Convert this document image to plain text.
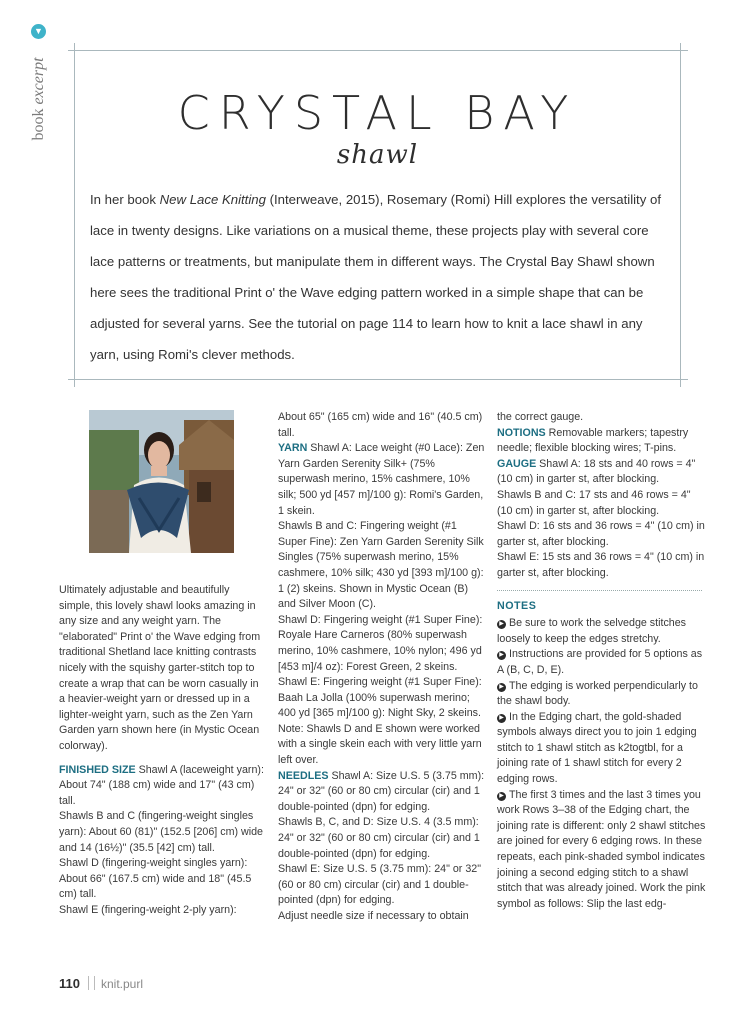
▼
book excerpt
CRYSTAL BAY
shawl

In her book New Lace Knitting (Interweave, 2015), Rosemary (Romi) Hill explores the versatility of lace in twenty designs. Like variations on a musical theme, these projects play with several core lace patterns or treatments, but manipulate them in different ways. The Crystal Bay Shawl shown here sees the traditional Print o' the Wave edging pattern worked in a simple shape that can be adjusted for several yarns. See the tutorial on page 114 to learn how to knit a lace shawl in any yarn, using Romi's clever methods.

Ultimately adjustable and beautifully simple, this lovely shawl looks amazing in any size and any weight yarn. The "elaborated" Print o' the Wave edging from traditional Shetland lace knitting contrasts nicely with the squishy garter-stitch top to create a wrap that can be worn casually in a heavier-weight yarn or dressed up in a lighter-weight yarn, such as the Zen Yarn Garden yarn shown here (in Mystic Ocean colorway).

FINISHED SIZE Shawl A (laceweight yarn): About 74" (188 cm) wide and 17" (43 cm) tall.

Shawls B and C (fingering-weight singles yarn): About 60 (81)" (152.5 [206] cm) wide and 14 (16½)" (35.5 [42] cm) tall.

Shawl D (fingering-weight singles yarn): About 66" (167.5 cm) wide and 18" (45.5 cm) tall.

Shawl E (fingering-weight 2-ply yarn):

About 65" (165 cm) wide and 16" (40.5 cm) tall.

YARN Shawl A: Lace weight (#0 Lace): Zen Yarn Garden Serenity Silk+ (75% superwash merino, 15% cashmere, 10% silk; 500 yd [457 m]/100 g): Romi's Garden, 1 skein.

Shawls B and C: Fingering weight (#1 Super Fine): Zen Yarn Garden Serenity Silk Singles (75% superwash merino, 15% cashmere, 10% silk; 430 yd [393 m]/100 g): 1 (2) skeins. Shown in Mystic Ocean (B) and Silver Moon (C).

Shawl D: Fingering weight (#1 Super Fine): Royale Hare Carneros (80% superwash merino, 10% cashmere, 10% nylon; 496 yd [453 m]/4 oz): Forest Green, 2 skeins.

Shawl E: Fingering weight (#1 Super Fine): Baah La Jolla (100% superwash merino; 400 yd [365 m]/100 g): Night Sky, 2 skeins.

Note: Shawls D and E shown were worked with a single skein each with very little yarn left over.

NEEDLES Shawl A: Size U.S. 5 (3.75 mm): 24" or 32" (60 or 80 cm) circular (cir) and 1 double-pointed (dpn) for edging.

Shawls B, C, and D: Size U.S. 4 (3.5 mm): 24" or 32" (60 or 80 cm) circular (cir) and 1 double-pointed (dpn) for edging.

Shawl E: Size U.S. 5 (3.75 mm): 24" or 32" (60 or 80 cm) circular (cir) and 1 double-pointed (dpn) for edging.

Adjust needle size if necessary to obtain

the correct gauge.

NOTIONS Removable markers; tapestry needle; flexible blocking wires; T-pins.

GAUGE Shawl A: 18 sts and 40 rows = 4" (10 cm) in garter st, after blocking.

Shawls B and C: 17 sts and 46 rows = 4" (10 cm) in garter st, after blocking.

Shawl D: 16 sts and 36 rows = 4" (10 cm) in garter st, after blocking.

Shawl E: 15 sts and 36 rows = 4" (10 cm) in garter st, after blocking.

NOTES

▶ Be sure to work the selvedge stitches loosely to keep the edges stretchy.

▶ Instructions are provided for 5 options as A (B, C, D, E).

▶ The edging is worked perpendicularly to the shawl body.

▶ In the Edging chart, the gold-shaded symbols always direct you to join 1 edging stitch to 1 shawl stitch as k2togtbl, for a joining rate of 1 shawl stitch for every 2 edging rows.

▶ The first 3 times and the last 3 times you work Rows 3–38 of the Edging chart, the joining rate is different: only 2 shawl stitches are joined for every 6 edging rows. In these repeats, each pink-shaded symbol indicates joining a second edging stitch to a shawl stitch that was already joined. Work the pink symbol as follows: Slip the last edg-

110 knit.purl
